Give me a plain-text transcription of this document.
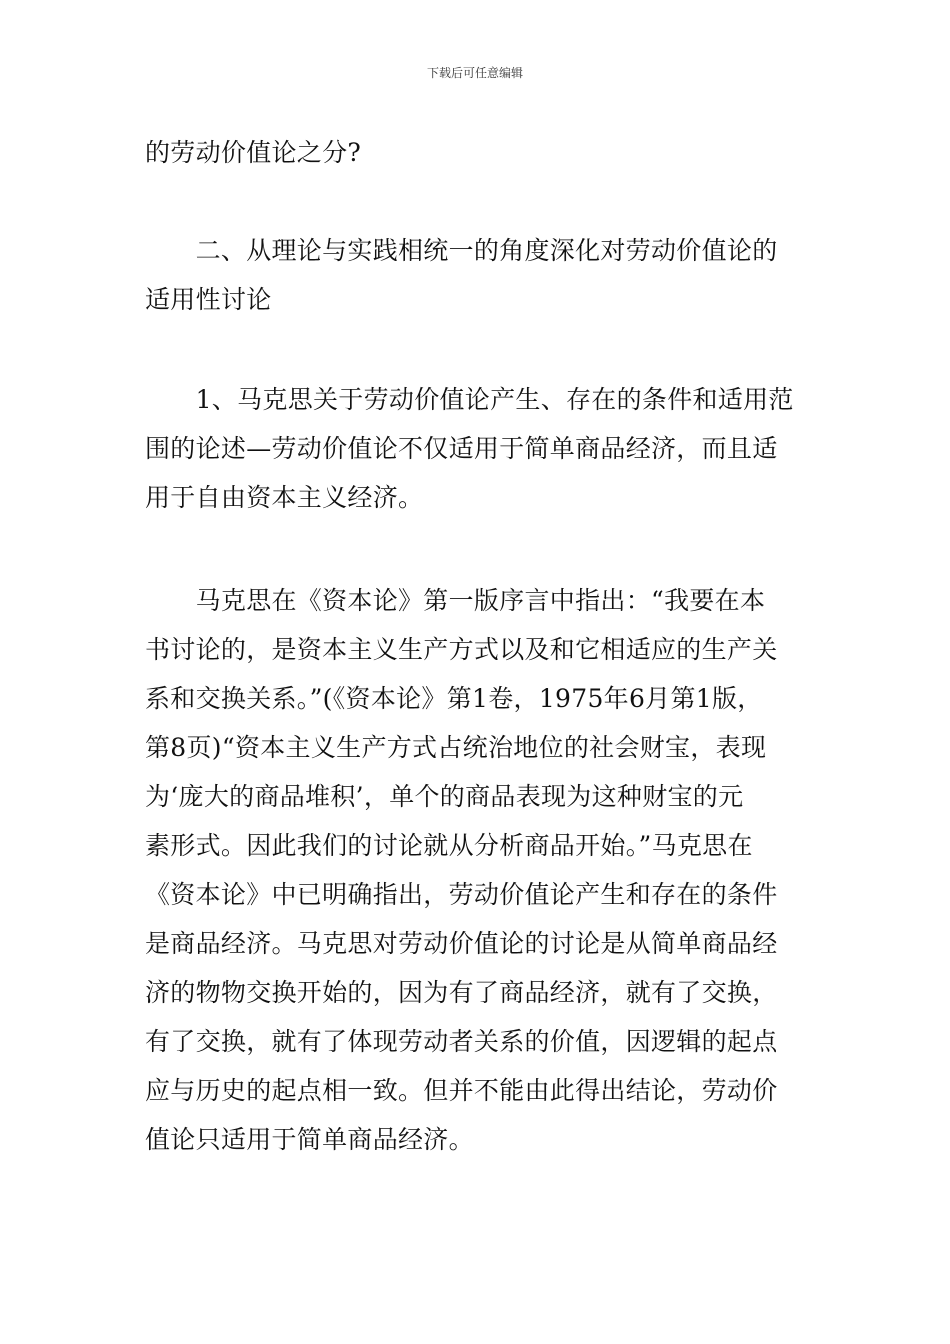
下载后可任意编辑
的劳动价值论之分?
　　二、从理论与实践相统一的角度深化对劳动价值论的
适用性讨论
　　1、马克思关于劳动价值论产生、存在的条件和适用范
围的论述—劳动价值论不仅适用于简单商品经济，而且适
用于自由资本主义经济。
　　马克思在《资本论》第一版序言中指出：“我要在本
书讨论的，是资本主义生产方式以及和它相适应的生产关
系和交换关系。”(《资本论》第1卷，1975年6月第1版，
第8页)“资本主义生产方式占统治地位的社会财宝，表现
为‘庞大的商品堆积’，单个的商品表现为这种财宝的元
素形式。因此我们的讨论就从分析商品开始。”马克思在
《资本论》中已明确指出，劳动价值论产生和存在的条件
是商品经济。马克思对劳动价值论的讨论是从简单商品经
济的物物交换开始的，因为有了商品经济，就有了交换，
有了交换，就有了体现劳动者关系的价值，因逻辑的起点
应与历史的起点相一致。但并不能由此得出结论，劳动价
值论只适用于简单商品经济。
